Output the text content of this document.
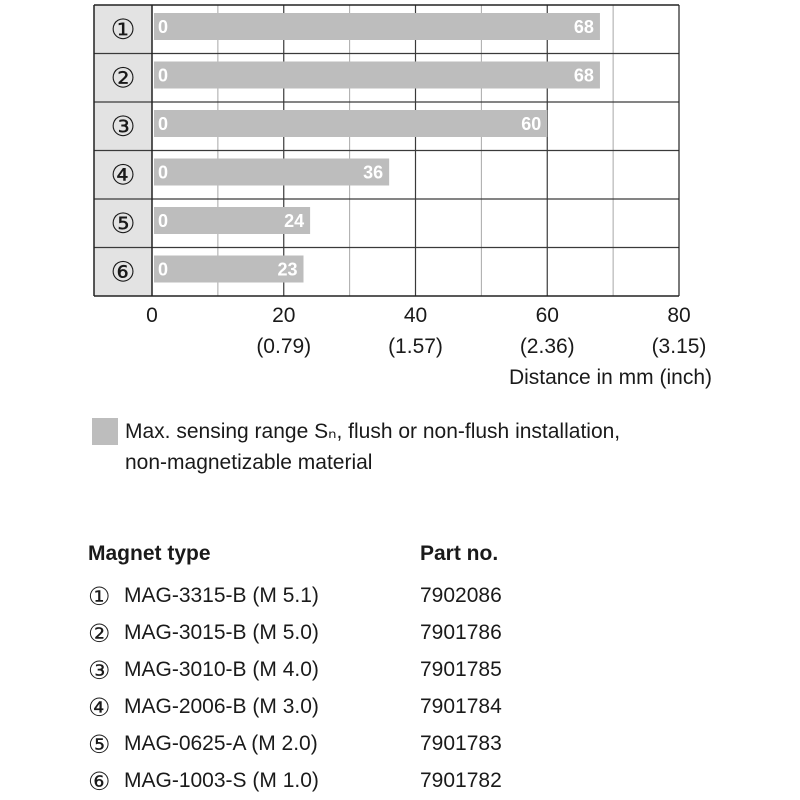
①
②
③
④
⑤
⑥
0	68
0	68
0	60
0	36
0	24
0	23
0	20
(0.79)
40
(1.57)
60
(2.36)
80
(3.15)
Distance in mm (inch)
Max. sensing range Sₙ, flush or non-flush installation,
non-magnetizable material
Magnet type	Part no.
① MAG-3315-B (M 5.1)	7902086
② MAG-3015-B (M 5.0)	7901786
③ MAG-3010-B (M 4.0)	7901785
④ MAG-2006-B (M 3.0)	7901784
⑤ MAG-0625-A (M 2.0)	7901783
⑥ MAG-1003-S (M 1.0)	7901782
